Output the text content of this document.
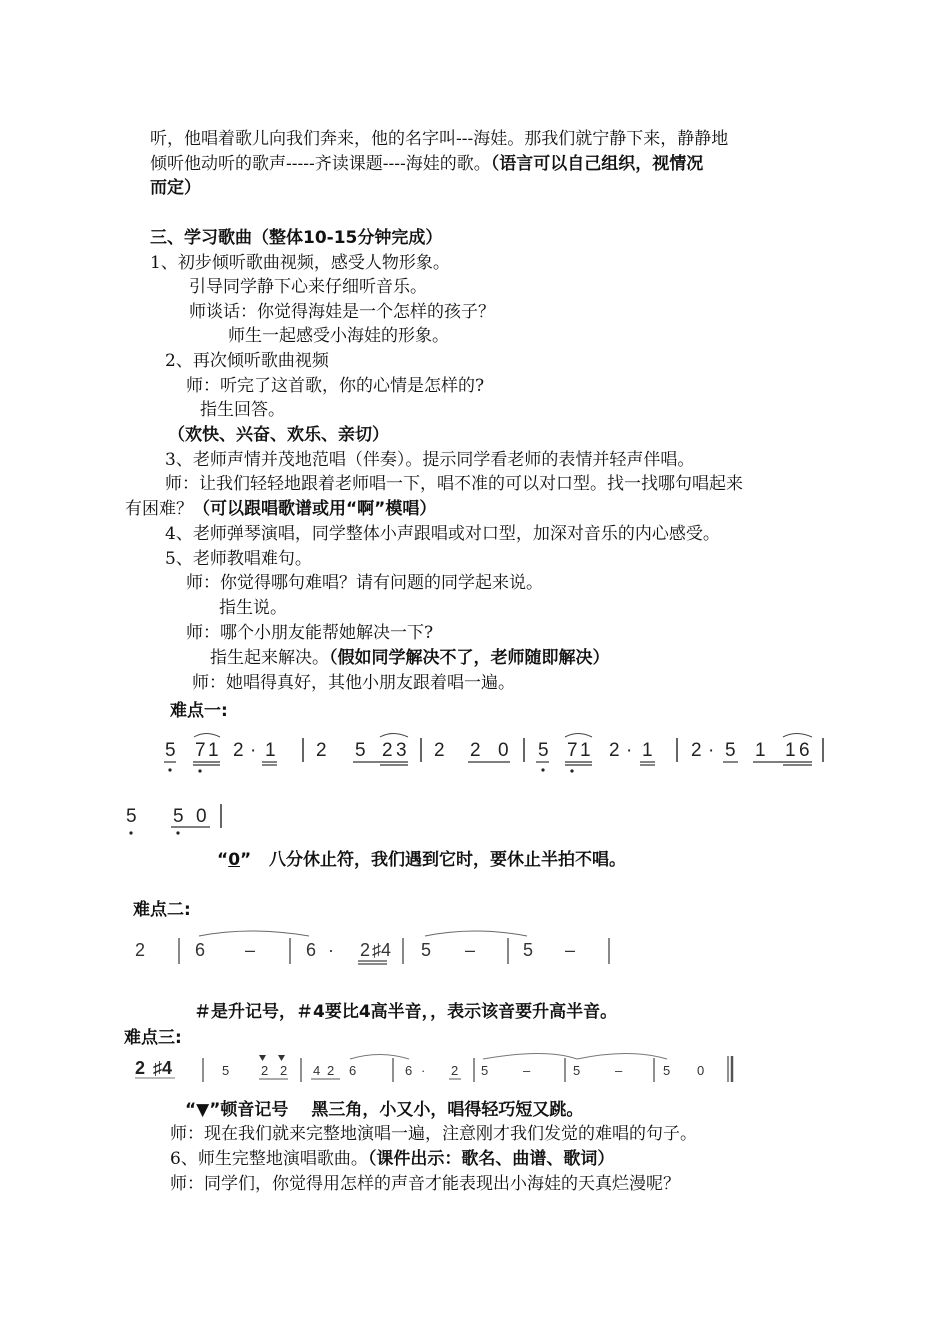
听，他唱着歌儿向我们奔来，他的名字叫---海娃。那我们就宁静下来，静静地
倾听他动听的歌声-----齐读课题----海娃的歌。（语言可以自己组织，视情况
而定）
三、学习歌曲（整体10-15分钟完成）
1、初步倾听歌曲视频，感受人物形象。
引导同学静下心来仔细听音乐。
师谈话：你觉得海娃是一个怎样的孩子？
师生一起感受小海娃的形象。
2、再次倾听歌曲视频
师：听完了这首歌，你的心情是怎样的?
指生回答。
（欢快、兴奋、欢乐、亲切）
3、老师声情并茂地范唱（伴奏）。提示同学看老师的表情并轻声伴唱。
师：让我们轻轻地跟着老师唱一下，唱不准的可以对口型。找一找哪句唱起来
有困难？（可以跟唱歌谱或用“啊”模唱）
4、老师弹琴演唱，同学整体小声跟唱或对口型，加深对音乐的内心感受。
5、老师教唱难句。
师：你觉得哪句难唱？请有问题的同学起来说。
指生说。
师：哪个小朋友能帮她解决一下?
指生起来解决。（假如同学解决不了，老师随即解决）
师：她唱得真好，其他小朋友跟着唱一遍。
难点一:
5 7 1 2 · 1 2 5 2 3 2 2 0 5 7 1 2 · 1 2 · 5 1 1 6
5 5 0
“0” 八分休止符，我们遇到它时，要休止半拍不唱。
难点二:
2	6 –	6 · 2 ♯4 5 –	5 –
＃是升记号，＃4要比4高半音，，表示该音要升高半音。
难点三:
2 ♯4	5 2 2 4 2 6	6 · 2 5	–	5	–	5 0
“▼”顿音记号　 黑三角，小又小，唱得轻巧短又跳。
师：现在我们就来完整地演唱一遍，注意刚才我们发觉的难唱的句子。
6、师生完整地演唱歌曲。（课件出示：歌名、曲谱、歌词）
师：同学们，你觉得用怎样的声音才能表现出小海娃的天真烂漫呢？
